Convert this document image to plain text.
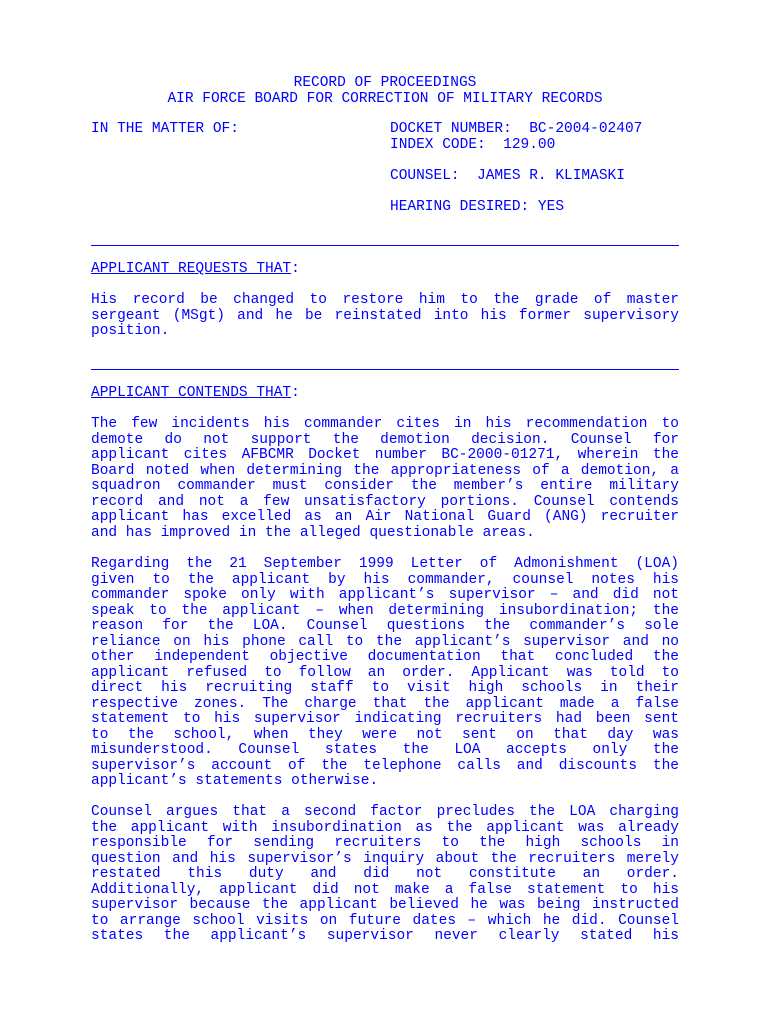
RECORD OF PROCEEDINGS
AIR FORCE BOARD FOR CORRECTION OF MILITARY RECORDS
IN THE MATTER OF:	DOCKET NUMBER:  BC-2004-02407
INDEX CODE:  129.00
COUNSEL:  JAMES R. KLIMASKI
HEARING DESIRED: YES
APPLICANT REQUESTS THAT:
His record be changed to restore him to the grade of master
sergeant (MSgt) and he be reinstated into his former supervisory
position.
APPLICANT CONTENDS THAT:
The few incidents his commander cites in his recommendation to
demote do not support the demotion decision. Counsel for
applicant cites AFBCMR Docket number BC-2000-01271, wherein the
Board noted when determining the appropriateness of a demotion, a
squadron commander must consider the member’s entire military
record and not a few unsatisfactory portions. Counsel contends
applicant has excelled as an Air National Guard (ANG) recruiter
and has improved in the alleged questionable areas.
Regarding the 21 September 1999 Letter of Admonishment (LOA)
given to the applicant by his commander, counsel notes his
commander spoke only with applicant’s supervisor – and did not
speak to the applicant – when determining insubordination; the
reason for the LOA. Counsel questions the commander’s sole
reliance on his phone call to the applicant’s supervisor and no
other independent objective documentation that concluded the
applicant refused to follow an order. Applicant was told to
direct his recruiting staff to visit high schools in their
respective zones. The charge that the applicant made a false
statement to his supervisor indicating recruiters had been sent
to the school, when they were not sent on that day was
misunderstood. Counsel states the LOA accepts only the
supervisor’s account of the telephone calls and discounts the
applicant’s statements otherwise.
Counsel argues that a second factor precludes the LOA charging
the applicant with insubordination as the applicant was already
responsible for sending recruiters to the high schools in
question and his supervisor’s inquiry about the recruiters merely
restated this duty and did not constitute an order.
Additionally, applicant did not make a false statement to his
supervisor because the applicant believed he was being instructed
to arrange school visits on future dates – which he did. Counsel
states the applicant’s supervisor never clearly stated his
